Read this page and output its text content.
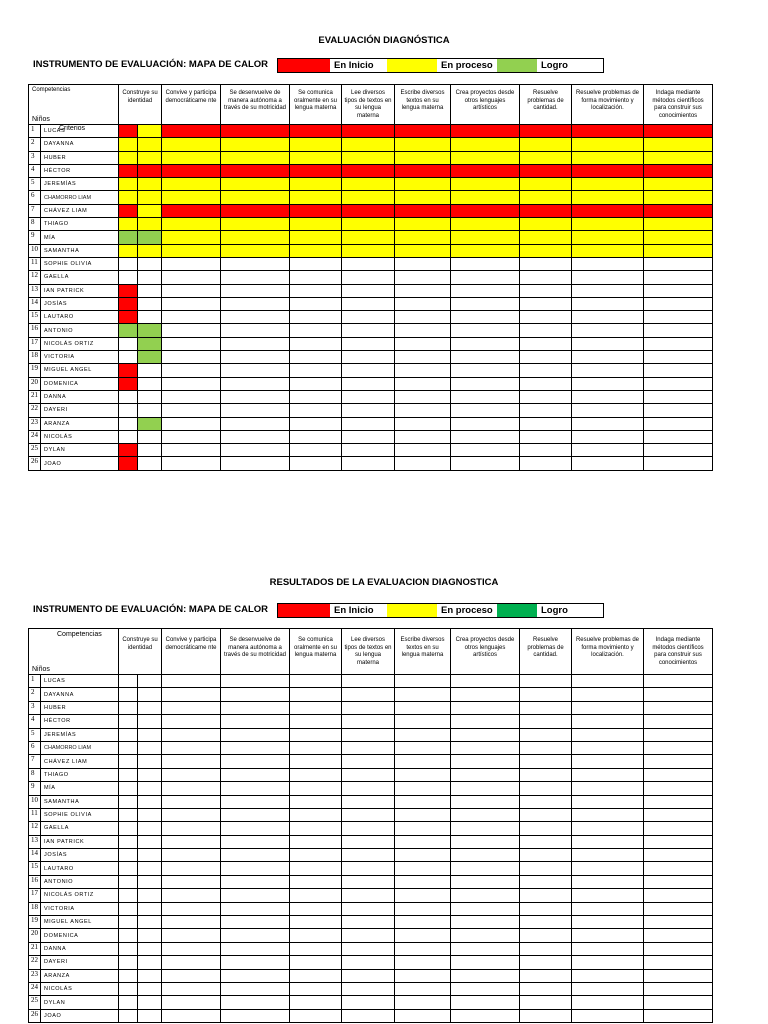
EVALUACIÓN DIAGNÓSTICA
INSTRUMENTO DE EVALUACIÓN: MAPA DE CALOR	En Inicio	En proceso	Logro
Competencias
Criterios
Niños		Construye su identidad		Convive y participa democráticame nte	Se desenvuelve de manera autónoma a través de su motricidad	Se comunica oralmente en su lengua materna	Lee diversos tipos de textos en su lengua materna	Escribe diversos textos en su lengua materna	Crea proyectos desde otros lenguajes artísticos	Resuelve problemas de cantidad.	Resuelve problemas de forma movimiento y localización.	Indaga mediante métodos científicos para construir sus conocimientos

1	LUCAS											
2	DAYANNA											
3	HUBER											
4	HÉCTOR											
5	JEREMÍAS											
6	CHAMORRO LIAM											
7	CHÁVEZ LIAM											
8	THIAGO											
9	MÍA											
10	SAMANTHA											
11	SOPHIE OLIVIA											
12	GAELLA											
13	IAN PATRICK											
14	JOSÍAS											
15	LAUTARO											
16	ANTONIO											
17	NICOLÁS ORTIZ											
18	VICTORIA											
19	MIGUEL ANGEL											
20	DOMENICA											
21	DANNA											
22	DAYERI											
23	ARANZA											
24	NICOLÁS											
25	DYLAN											
26	JOAO											
RESULTADOS DE LA EVALUACION DIAGNOSTICA
INSTRUMENTO DE EVALUACIÓN: MAPA DE CALOR	En Inicio	En proceso	Logro
Competencias
Niños		Construye su identidad		Convive y participa democráticame nte	Se desenvuelve de manera autónoma a través de su motricidad	Se comunica oralmente en su lengua materna	Lee diversos tipos de textos en su lengua materna	Escribe diversos textos en su lengua materna	Crea proyectos desde otros lenguajes artísticos	Resuelve problemas de cantidad.	Resuelve problemas de forma movimiento y localización.	Indaga mediante métodos científicos para construir sus conocimientos
1	LUCAS											
2	DAYANNA											
3	HUBER											
4	HÉCTOR											
5	JEREMÍAS											
6	CHAMORRO LIAM											
7	CHÁVEZ LIAM											
8	THIAGO											
9	MÍA											
10	SAMANTHA											
11	SOPHIE OLIVIA											
12	GAELLA											
13	IAN PATRICK											
14	JOSÍAS											
15	LAUTARO											
16	ANTONIO											
17	NICOLÁS ORTIZ											
18	VICTORIA											
19	MIGUEL ANGEL											
20	DOMENICA											
21	DANNA											
22	DAYERI											
23	ARANZA											
24	NICOLÁS											
25	DYLAN											
26	JOAO											
